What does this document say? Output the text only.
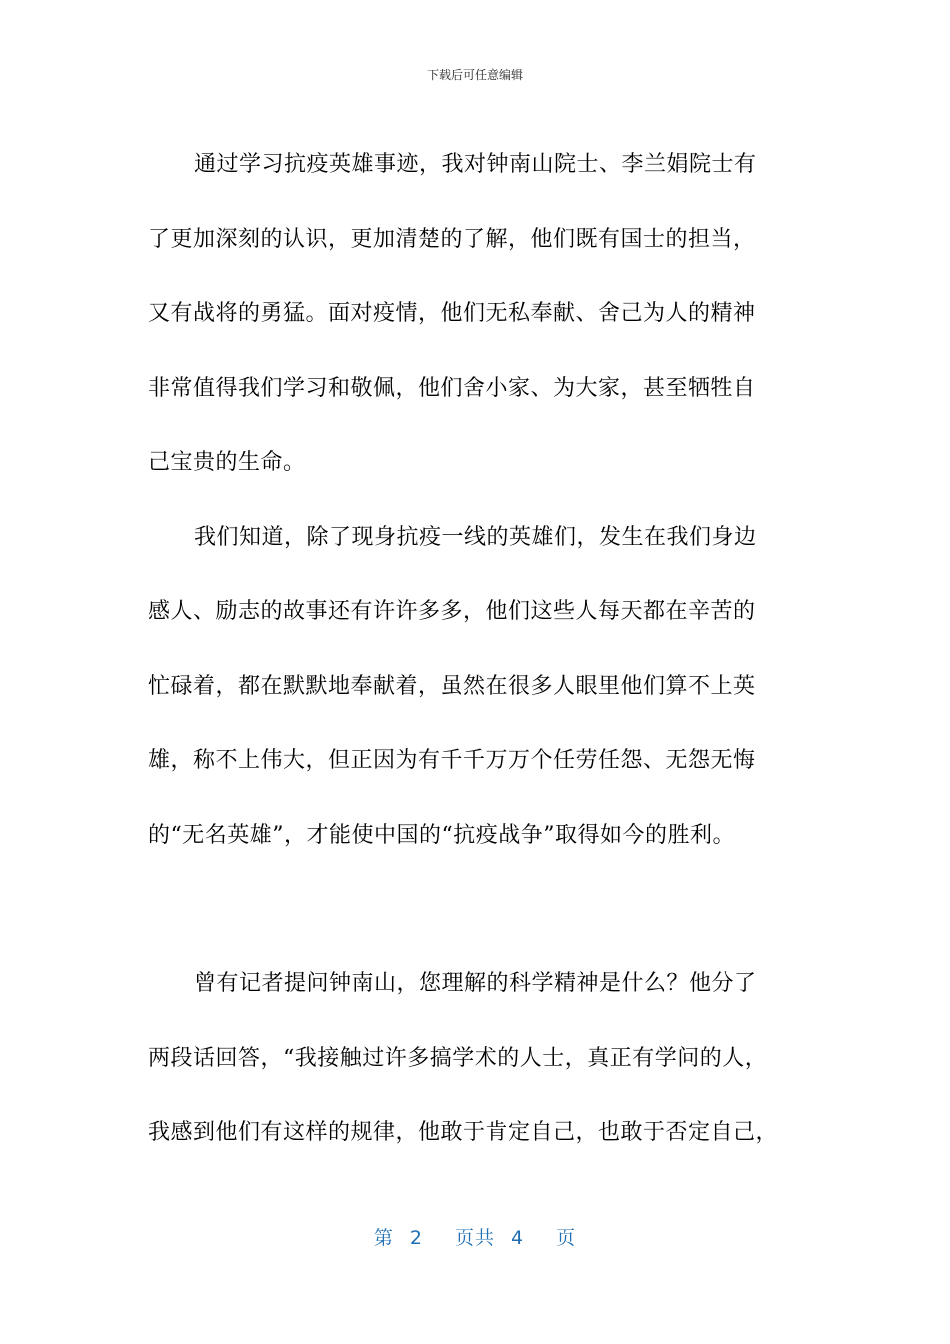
下载后可任意编辑

通过学习抗疫英雄事迹，我对钟南山院士、李兰娟院士有
了更加深刻的认识，更加清楚的了解，他们既有国士的担当，
又有战将的勇猛。面对疫情，他们无私奉献、舍己为人的精神
非常值得我们学习和敬佩，他们舍小家、为大家，甚至牺牲自
己宝贵的生命。

我们知道，除了现身抗疫一线的英雄们，发生在我们身边
感人、励志的故事还有许许多多，他们这些人每天都在辛苦的
忙碌着，都在默默地奉献着，虽然在很多人眼里他们算不上英
雄，称不上伟大，但正因为有千千万万个任劳任怨、无怨无悔
的“无名英雄”，才能使中国的“抗疫战争”取得如今的胜利。

曾有记者提问钟南山，您理解的科学精神是什么？他分了
两段话回答，“我接触过许多搞学术的人士，真正有学问的人，
我感到他们有这样的规律，他敢于肯定自己，也敢于否定自己，

第 2 页共 4 页
